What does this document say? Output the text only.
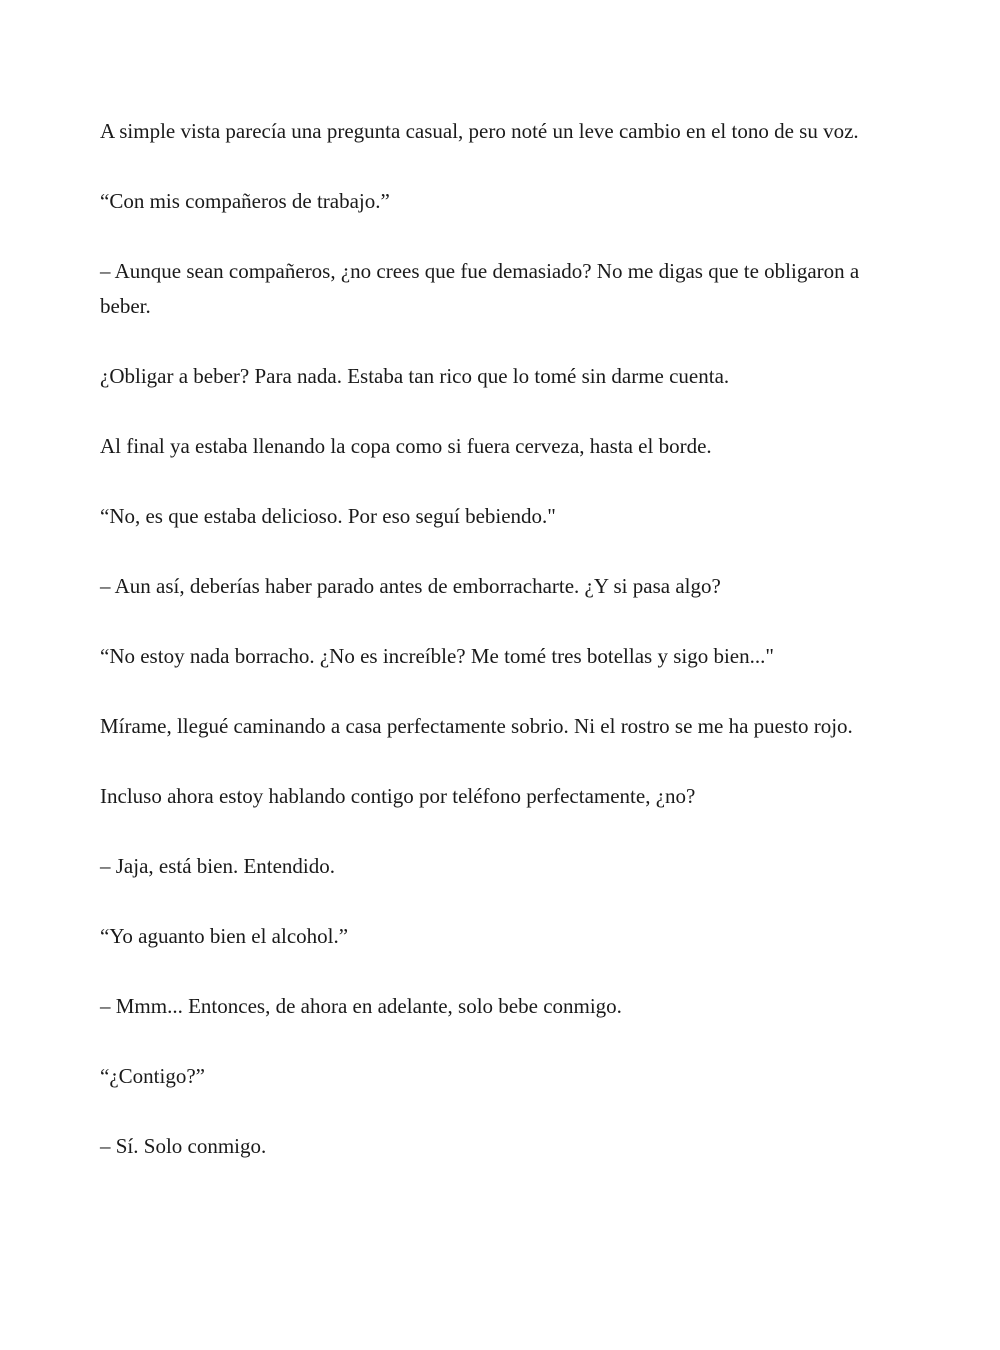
A simple vista parecía una pregunta casual, pero noté un leve cambio en el tono de su voz.

“Con mis compañeros de trabajo.”

– Aunque sean compañeros, ¿no crees que fue demasiado? No me digas que te obligaron a beber.

¿Obligar a beber? Para nada. Estaba tan rico que lo tomé sin darme cuenta.

Al final ya estaba llenando la copa como si fuera cerveza, hasta el borde.

“No, es que estaba delicioso. Por eso seguí bebiendo."

– Aun así, deberías haber parado antes de emborracharte. ¿Y si pasa algo?

“No estoy nada borracho. ¿No es increíble? Me tomé tres botellas y sigo bien..."

Mírame, llegué caminando a casa perfectamente sobrio. Ni el rostro se me ha puesto rojo.

Incluso ahora estoy hablando contigo por teléfono perfectamente, ¿no?

– Jaja, está bien. Entendido.

“Yo aguanto bien el alcohol.”

– Mmm... Entonces, de ahora en adelante, solo bebe conmigo.

“¿Contigo?”

– Sí. Solo conmigo.
